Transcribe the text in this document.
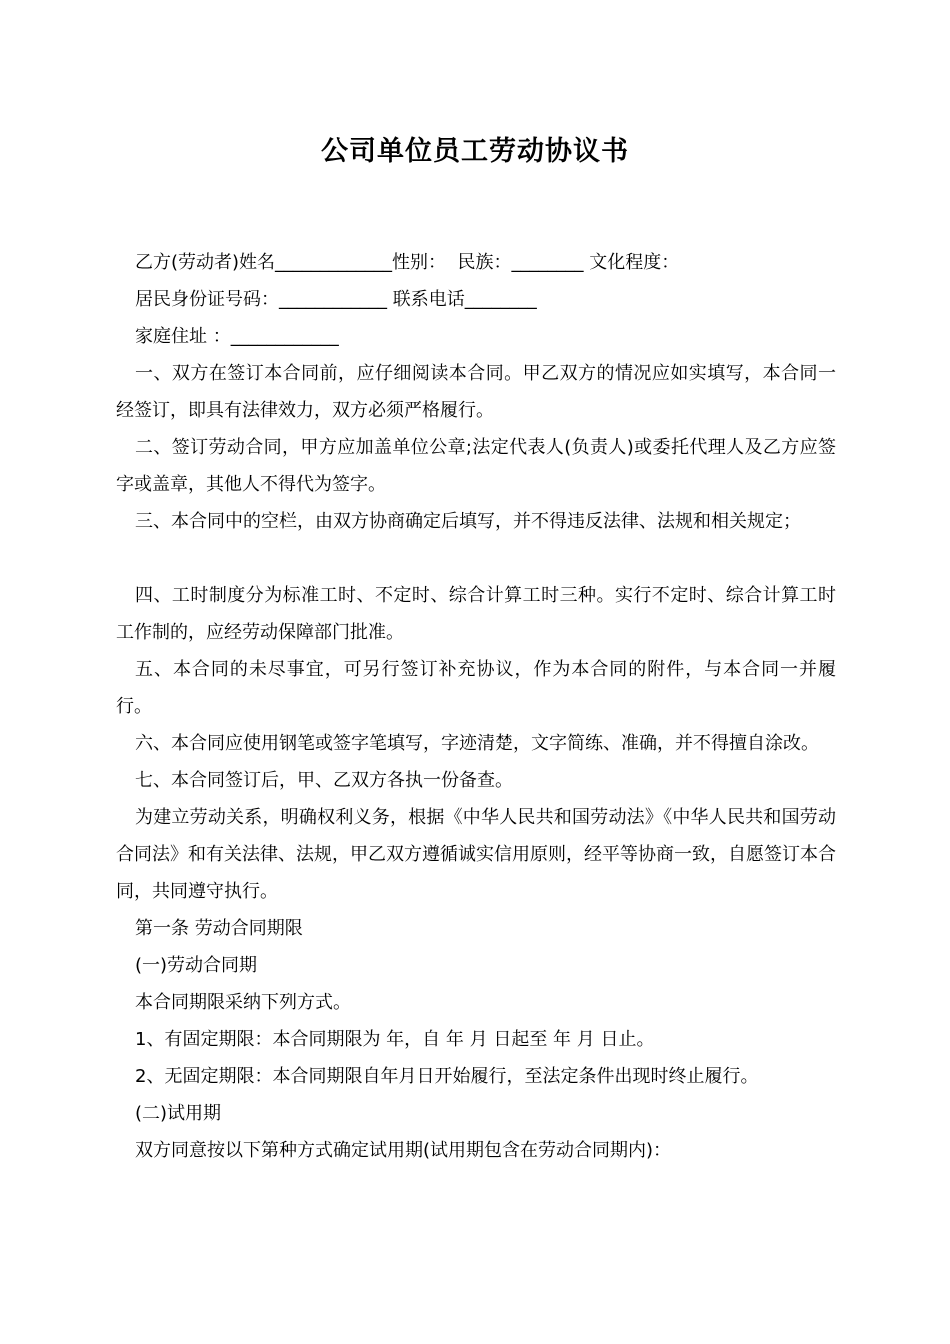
公司单位员工劳动协议书

乙方(劳动者)姓名_____________性别：  民族：________ 文化程度：

居民身份证号码：____________ 联系电话________

家庭住址 ：____________

一、双方在签订本合同前，应仔细阅读本合同。甲乙双方的情况应如实填写，本合同一经签订，即具有法律效力，双方必须严格履行。

二、签订劳动合同，甲方应加盖单位公章;法定代表人(负责人)或委托代理人及乙方应签字或盖章，其他人不得代为签字。

三、本合同中的空栏，由双方协商确定后填写，并不得违反法律、法规和相关规定；

四、工时制度分为标准工时、不定时、综合计算工时三种。实行不定时、综合计算工时工作制的，应经劳动保障部门批准。

五、本合同的未尽事宜，可另行签订补充协议，作为本合同的附件，与本合同一并履行。

六、本合同应使用钢笔或签字笔填写，字迹清楚，文字简练、准确，并不得擅自涂改。

七、本合同签订后，甲、乙双方各执一份备查。

为建立劳动关系，明确权利义务，根据《中华人民共和国劳动法》《中华人民共和国劳动合同法》和有关法律、法规，甲乙双方遵循诚实信用原则，经平等协商一致，自愿签订本合同，共同遵守执行。

第一条 劳动合同期限

(一)劳动合同期

本合同期限采纳下列方式。

1、有固定期限：本合同期限为 年，自 年 月 日起至 年 月 日止。

2、无固定期限：本合同期限自年月日开始履行，至法定条件出现时终止履行。

(二)试用期

双方同意按以下第种方式确定试用期(试用期包含在劳动合同期内)：
